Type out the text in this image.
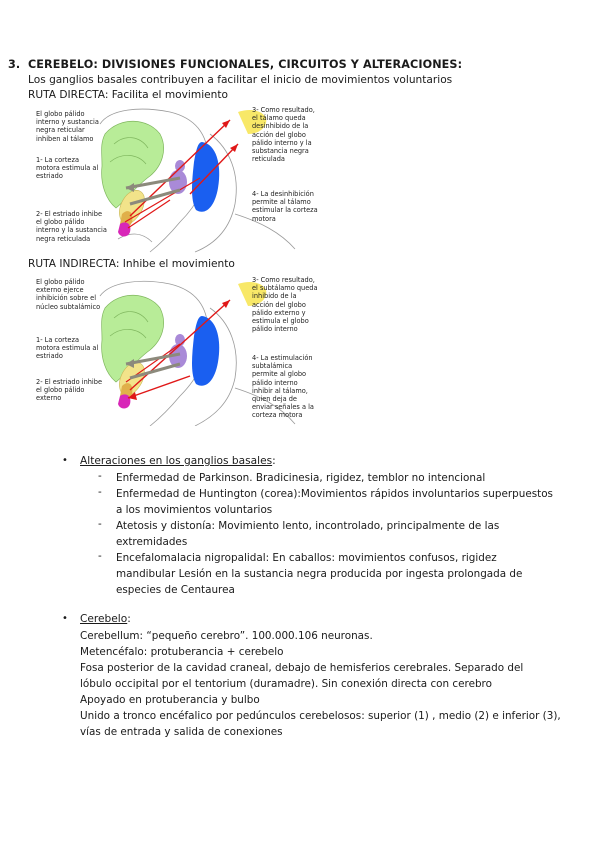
3. CEREBELO: DIVISIONES FUNCIONALES, CIRCUITOS Y ALTERACIONES:
Los ganglios basales contribuyen a facilitar el inicio de movimientos voluntarios
RUTA DIRECTA: Facilita el movimiento
El globo pálido interno y sustancia negra reticular inhiben al tálamo
1- La corteza motora estimula al estriado
2- El estriado inhibe el globo pálido interno y la sustancia negra reticulada
3- Como resultado, el tálamo queda desinhibido de la acción del globo pálido interno y la substancia negra reticulada
4- La desinhibición permite al tálamo estimular la corteza motora
RUTA INDIRECTA: Inhibe el movimiento
El globo pálido externo ejerce inhibición sobre el núcleo subtalámico
1- La corteza motora estimula al estriado
2- El estriado inhibe el globo pálido externo
3- Como resultado, el subtálamo queda inhibido de la acción del globo pálido externo y estimula el globo pálido interno
4- La estimulación subtalámica permite al globo pálido interno inhibir al tálamo, quien deja de enviar señales a la corteza motora
• Alteraciones en los ganglios basales:
- Enfermedad de Parkinson. Bradicinesia, rigidez, temblor no intencional
- Enfermedad de Huntington (corea):Movimientos rápidos involuntarios superpuestos
a los movimientos voluntarios
- Atetosis y distonía: Movimiento lento, incontrolado, principalmente de las
extremidades
- Encefalomalacia nigropalidal: En caballos: movimientos confusos, rigidez
mandibular Lesión en la sustancia negra producida por ingesta prolongada de
especies de Centaurea
• Cerebelo:
Cerebellum: “pequeño cerebro”. 100.000.106 neuronas.
Metencéfalo: protuberancia + cerebelo
Fosa posterior de la cavidad craneal, debajo de hemisferios cerebrales. Separado del
lóbulo occipital por el tentorium (duramadre). Sin conexión directa con cerebro
Apoyado en protuberancia y bulbo
Unido a tronco encéfalico por pedúnculos cerebelosos: superior (1) , medio (2) e inferior (3),
vías de entrada y salida de conexiones
